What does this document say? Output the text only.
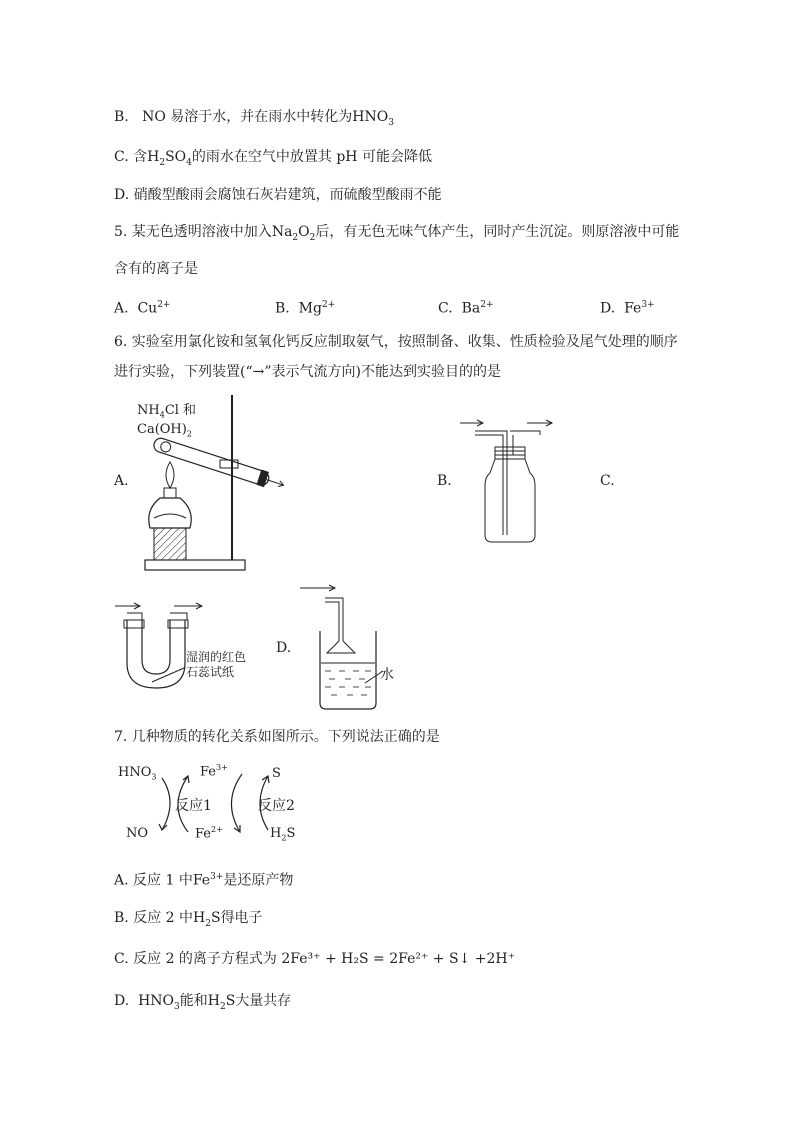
B. NO 易溶于水，并在雨水中转化为$HNO_3$
C. 含$H_2SO_4$的雨水在空气中放置其 pH 可能会降低
D. 硝酸型酸雨会腐蚀石灰岩建筑，而硫酸型酸雨不能
5. 某无色透明溶液中加入$Na_2O_2$后，有无色无味气体产生，同时产生沉淀。则原溶液中可能
含有的离子是
A. $Cu^{2+}$	B. $Mg^{2+}$	C. $Ba^{2+}$	D. $Fe^{3+}$
6. 实验室用氯化铵和氢氧化钙反应制取氨气，按照制备、收集、性质检验及尾气处理的顺序
进行实验，下列装置(“→”表示气流方向)不能达到实验目的的是
$NH_4Cl$ 和
$Ca(OH)_2$
A.	B.	C.
D.
湿润的红色
石蕊试纸	水
7. 几种物质的转化关系如图所示。下列说法正确的是
$HNO_3$
NO
$Fe^{3+}$
$Fe^{2+}$
S
$H_2S$
反应1	反应2
A. 反应 1 中$Fe^{3+}$是还原产物
B. 反应 2 中$H_2S$得电子
C. 反应 2 的离子方程式为 2Fe³⁺ + H₂S = 2Fe²⁺ + S↓ +2H⁺
D. $HNO_3$能和$H_2S$大量共存
